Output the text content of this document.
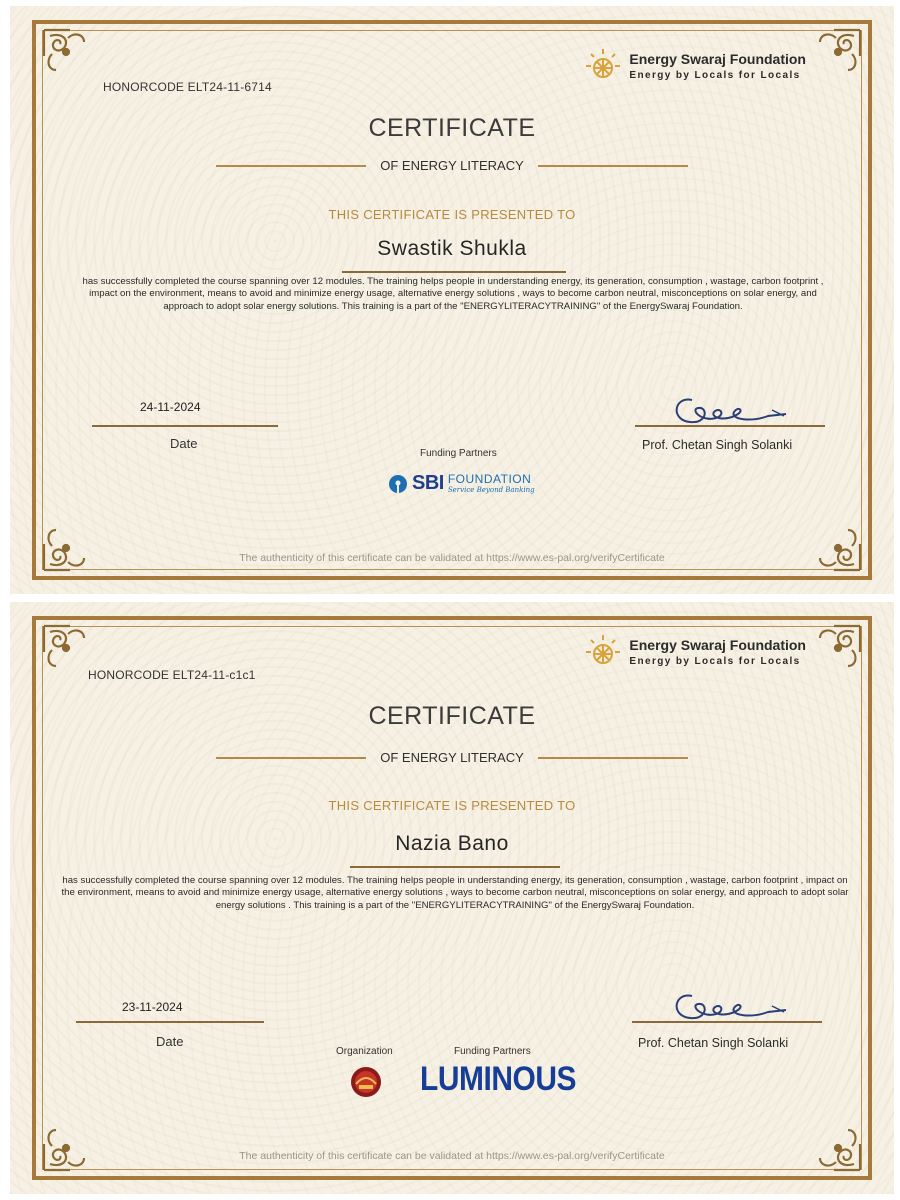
HONORCODE ELT24-11-6714
Energy Swaraj Foundation
Energy by Locals for Locals
CERTIFICATE
OF ENERGY LITERACY
THIS CERTIFICATE IS PRESENTED TO
Swastik Shukla
has successfully completed the course spanning over 12 modules. The training helps people in understanding energy, its generation, consumption , wastage, carbon footprint , impact on the environment, means to avoid and minimize energy usage, alternative energy solutions , ways to become carbon neutral, misconceptions on solar energy, and approach to adopt solar energy solutions. This training is a part of the "ENERGYLITERACYTRAINING" of the EnergySwaraj Foundation.
24-11-2024
Date	Prof. Chetan Singh Solanki
Funding Partners
SBI FOUNDATION
Service Beyond Banking
The authenticity of this certificate can be validated at https://www.es-pal.org/verifyCertificate
HONORCODE ELT24-11-c1c1
Energy Swaraj Foundation
Energy by Locals for Locals
CERTIFICATE
OF ENERGY LITERACY
THIS CERTIFICATE IS PRESENTED TO
Nazia Bano
has successfully completed the course spanning over 12 modules. The training helps people in understanding energy, its generation, consumption , wastage, carbon footprint , impact on the environment, means to avoid and minimize energy usage, alternative energy solutions , ways to become carbon neutral, misconceptions on solar energy, and approach to adopt solar energy solutions . This training is a part of the "ENERGYLITERACYTRAINING" of the EnergySwaraj Foundation.
23-11-2024
Date	Prof. Chetan Singh Solanki
Organization	Funding Partners
LUMINOUS
The authenticity of this certificate can be validated at https://www.es-pal.org/verifyCertificate
